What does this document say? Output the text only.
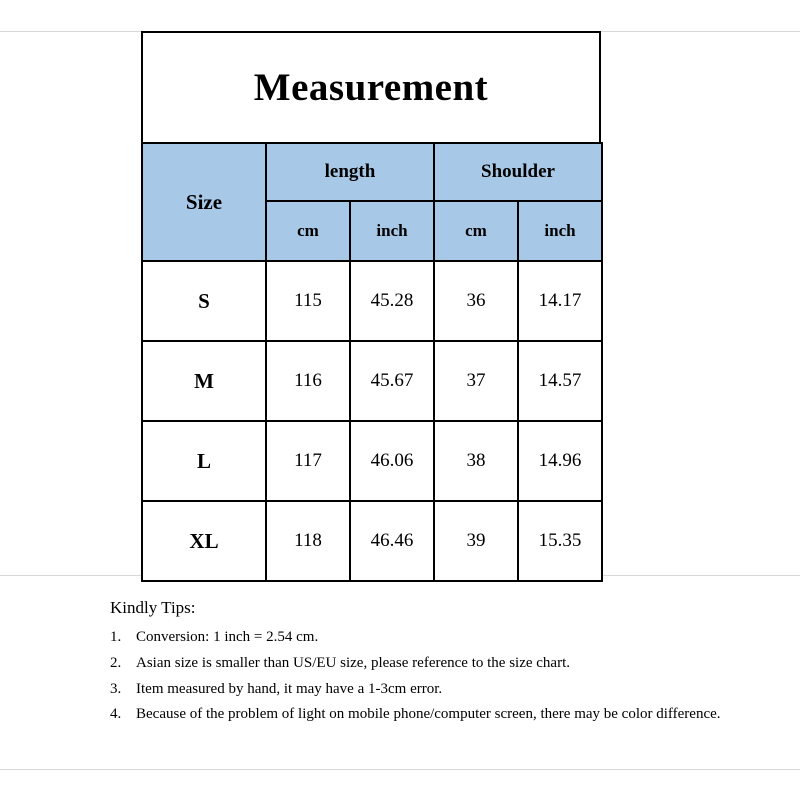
Measurement
Size	length		Shoulder	
	cm	inch	cm	inch
S	115	45.28	36	14.17
M	116	45.67	37	14.57
L	117	46.06	38	14.96
XL	118	46.46	39	15.35
Kindly Tips:
1. Conversion: 1 inch = 2.54 cm.
2. Asian size is smaller than US/EU size, please reference to the size chart.
3. Item measured by hand, it may have a 1-3cm error.
4. Because of the problem of light on mobile phone/computer screen, there may be color difference.
